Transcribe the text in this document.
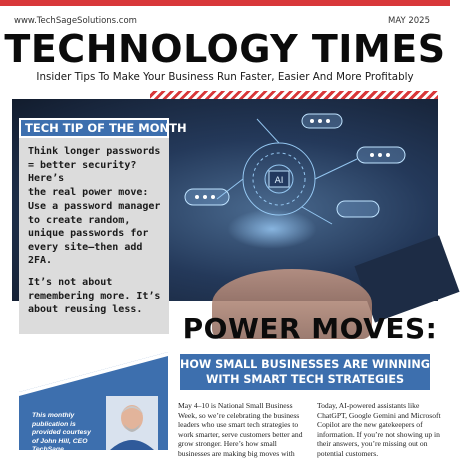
www.TechSageSolutions.com	MAY 2025
TECHNOLOGY TIMES
Insider Tips To Make Your Business Run Faster, Easier And More Profitably
AI
TECH TIP OF THE MONTH
Think longer passwords
= better security? Here’s
the real power move:
Use a password manager
to create random,
unique passwords for
every site—then add 2FA.
It’s not about
remembering more. It’s
about reusing less.
This monthly
publication is
provided courtesy
of John Hill, CEO
TechSage
POWER MOVES:
HOW SMALL BUSINESSES ARE WINNING
WITH SMART TECH STRATEGIES
May 4–10 is National Small Business
Week, so we’re celebrating the business
leaders who use smart tech strategies to
work smarter, serve customers better and
grow stronger. Here’s how small
businesses are making big moves with
Today, AI-powered assistants like
ChatGPT, Google Gemini and Microsoft
Copilot are the new gatekeepers of
information. If you’re not showing up in
their answers, you’re missing out on
potential customers.
